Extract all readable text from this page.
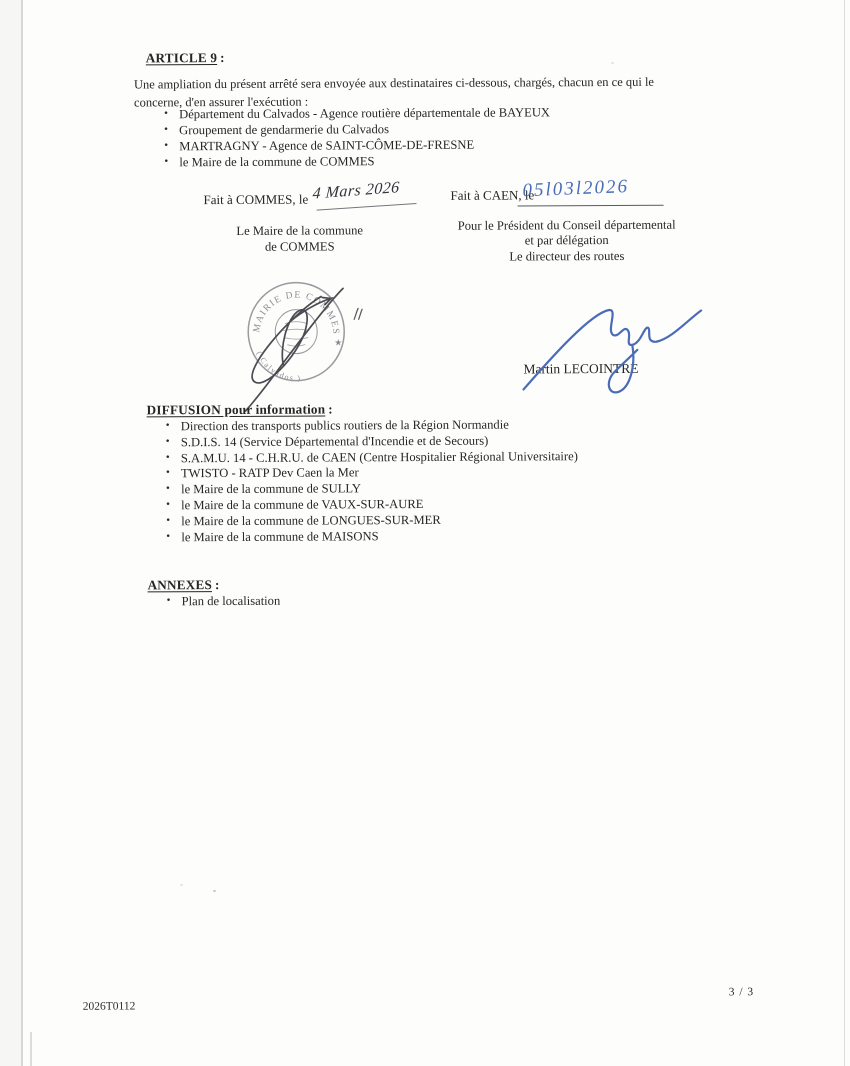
ARTICLE 9 :
Une ampliation du présent arrêté sera envoyée aux destinataires ci-dessous, chargés, chacun en ce qui le
concerne, d'en assurer l'exécution :
• Département du Calvados - Agence routière départementale de BAYEUX
• Groupement de gendarmerie du Calvados
• MARTRAGNY - Agence de SAINT-CÔME-DE-FRESNE
• le Maire de la commune de COMMES
Fait à COMMES, le 4 Mars 2026	Fait à CAEN, le
05l03l2026
Le Maire de la commune
de COMMES
Pour le Président du Conseil départemental
et par délégation
Le directeur des routes
MAIRIE DE COMMES
( Calvados )
★
Martin LECOINTRE
DIFFUSION pour information :
• Direction des transports publics routiers de la Région Normandie
• S.D.I.S. 14 (Service Départemental d'Incendie et de Secours)
• S.A.M.U. 14 - C.H.R.U. de CAEN (Centre Hospitalier Régional Universitaire)
• TWISTO - RATP Dev Caen la Mer
• le Maire de la commune de SULLY
• le Maire de la commune de VAUX-SUR-AURE
• le Maire de la commune de LONGUES-SUR-MER
• le Maire de la commune de MAISONS
ANNEXES :
• Plan de localisation
2026T0112
3 / 3
